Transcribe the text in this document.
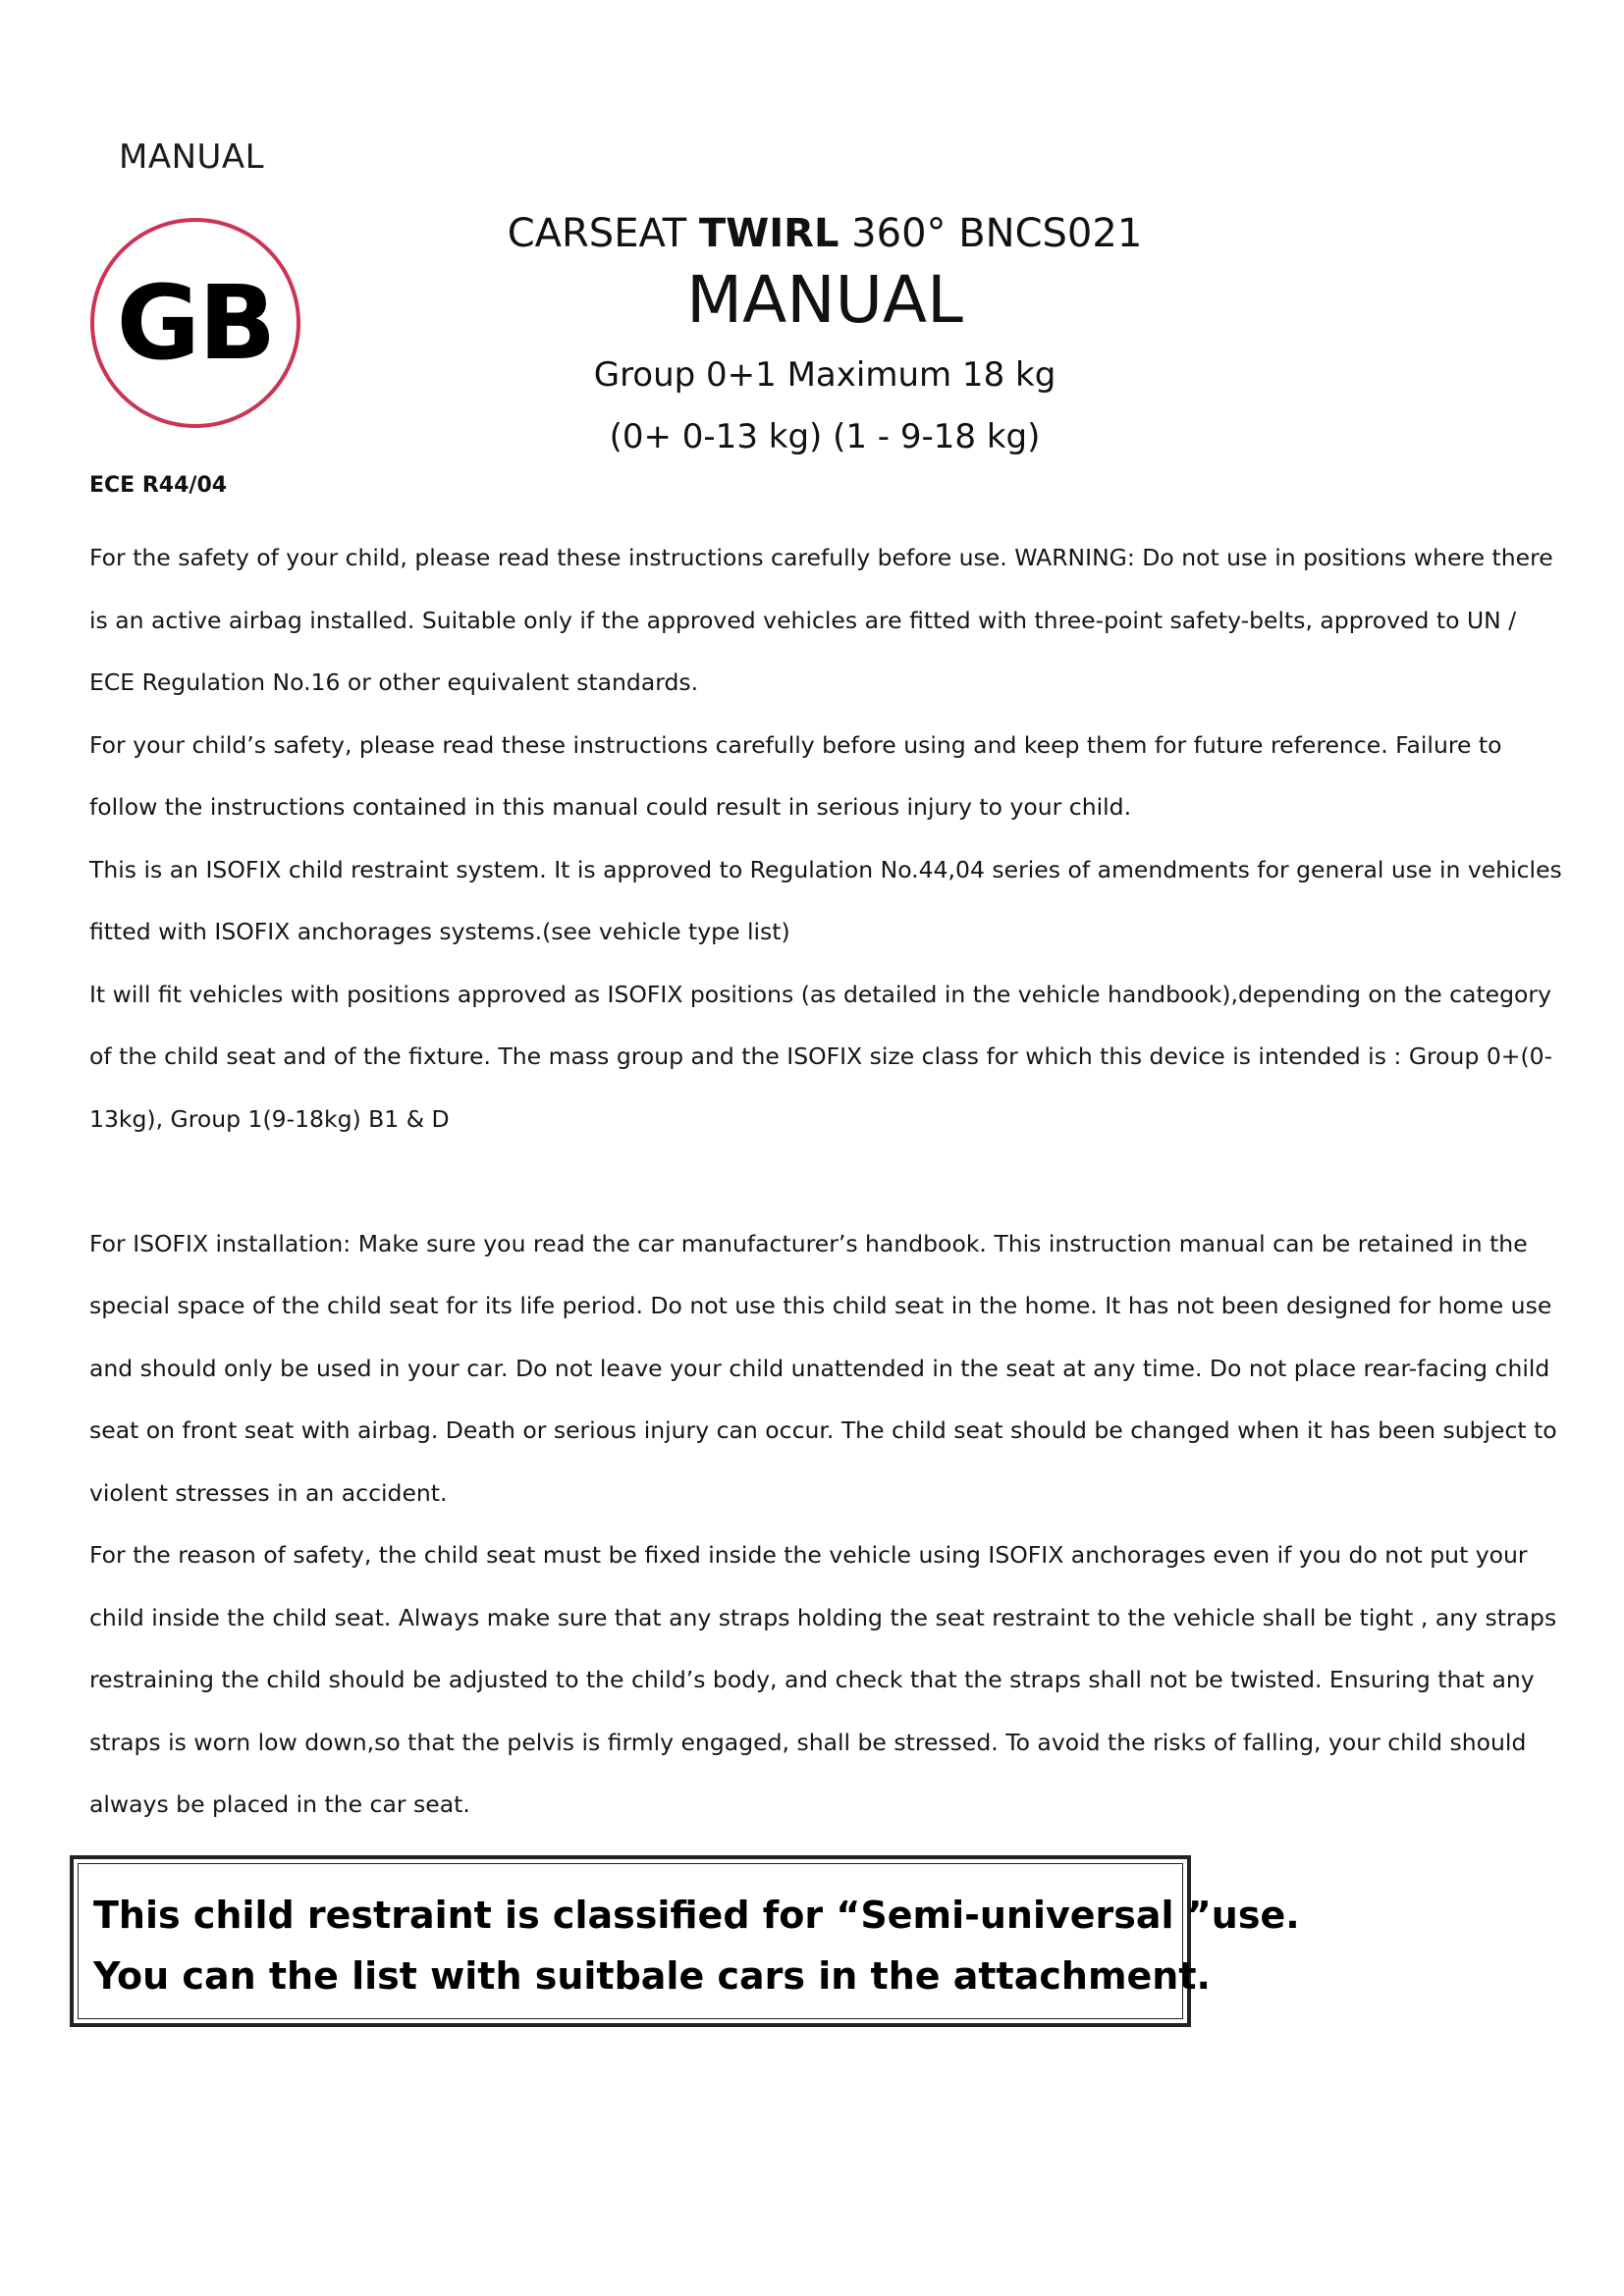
MANUAL
GB
CARSEAT TWIRL 360° BNCS021
MANUAL
Group 0+1 Maximum 18 kg
(0+ 0-13 kg) (1 - 9-18 kg)
ECE R44/04

For the safety of your child, please read these instructions carefully before use. WARNING: Do not use in positions where there is an active airbag installed. Suitable only if the approved vehicles are fitted with three-point safety-belts, approved to UN / ECE Regulation No.16 or other equivalent standards.

For your child’s safety, please read these instructions carefully before using and keep them for future reference. Failure to follow the instructions contained in this manual could result in serious injury to your child.

This is an ISOFIX child restraint system. It is approved to Regulation No.44,04 series of amendments for general use in vehicles fitted with ISOFIX anchorages systems.(see vehicle type list)

It will fit vehicles with positions approved as ISOFIX positions (as detailed in the vehicle handbook),depending on the category of the child seat and of the fixture. The mass group and the ISOFIX size class for which this device is intended is : Group 0+(0-13kg), Group 1(9-18kg) B1 & D

For ISOFIX installation: Make sure you read the car manufacturer’s handbook. This instruction manual can be retained in the special space of the child seat for its life period. Do not use this child seat in the home. It has not been designed for home use and should only be used in your car. Do not leave your child unattended in the seat at any time. Do not place rear-facing child seat on front seat with airbag. Death or serious injury can occur. The child seat should be changed when it has been subject to violent stresses in an accident.

For the reason of safety, the child seat must be fixed inside the vehicle using ISOFIX anchorages even if you do not put your child inside the child seat. Always make sure that any straps holding the seat restraint to the vehicle shall be tight , any straps restraining the child should be adjusted to the child’s body, and check that the straps shall not be twisted. Ensuring that any straps is worn low down,so that the pelvis is firmly engaged, shall be stressed. To avoid the risks of falling, your child should always be placed in the car seat.

This child restraint is classified for “Semi-universal ”use.
You can the list with suitbale cars in the attachment.
